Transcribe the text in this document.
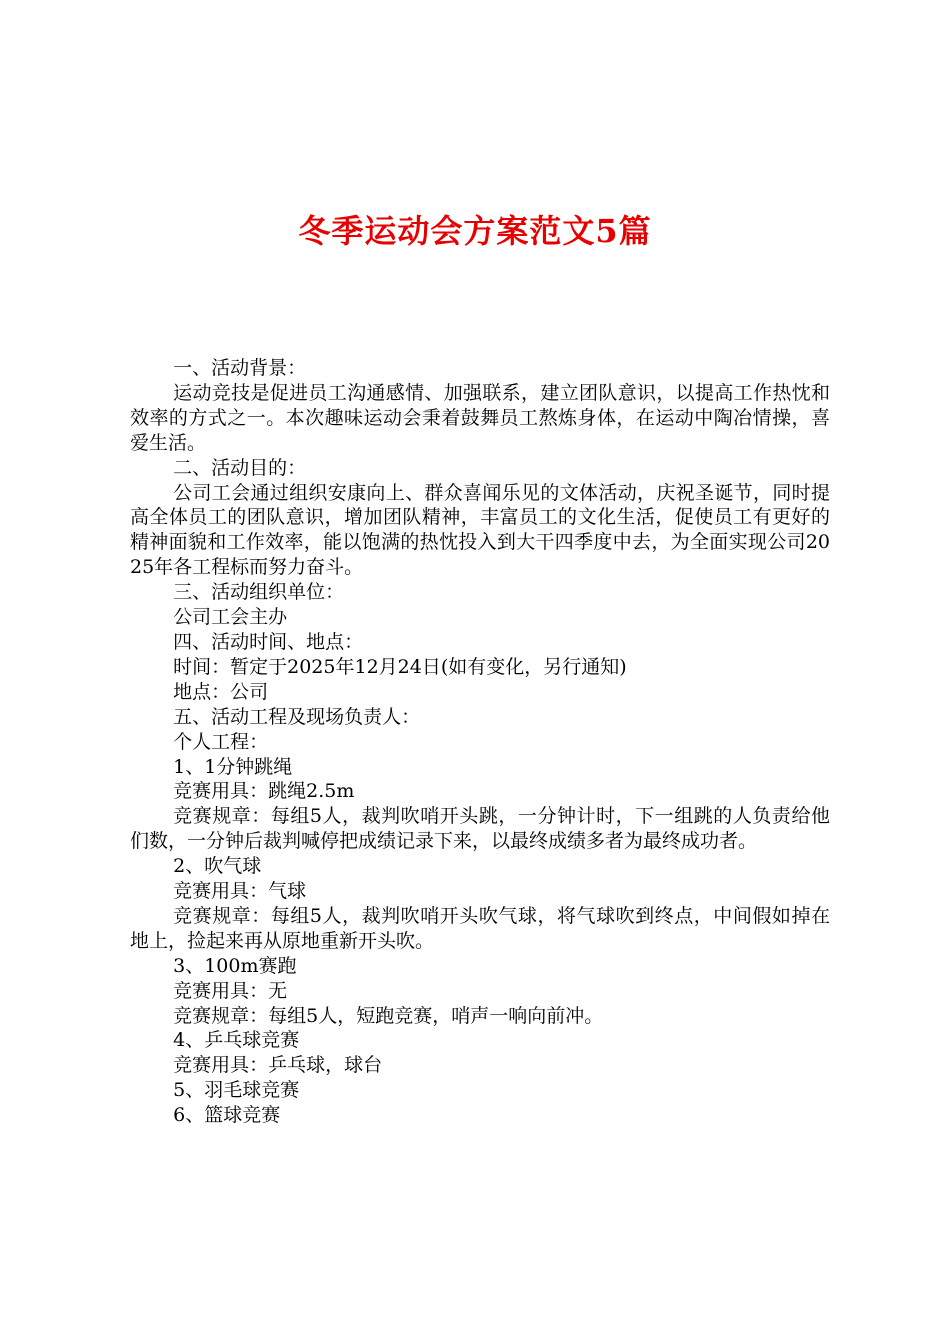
冬季运动会方案范文5篇

一、活动背景：

运动竞技是促进员工沟通感情、加强联系，建立团队意识，以提高工作热忱和效率的方式之一。本次趣味运动会秉着鼓舞员工熬炼身体，在运动中陶冶情操，喜爱生活。

二、活动目的：

公司工会通过组织安康向上、群众喜闻乐见的文体活动，庆祝圣诞节，同时提高全体员工的团队意识，增加团队精神，丰富员工的文化生活，促使员工有更好的精神面貌和工作效率，能以饱满的热忱投入到大干四季度中去，为全面实现公司2025年各工程标而努力奋斗。

三、活动组织单位：

公司工会主办

四、活动时间、地点：

时间：暂定于2025年12月24日(如有变化，另行通知)

地点：公司

五、活动工程及现场负责人：

个人工程：

1、1分钟跳绳

竞赛用具：跳绳2.5m

竞赛规章：每组5人，裁判吹哨开头跳，一分钟计时，下一组跳的人负责给他们数，一分钟后裁判喊停把成绩记录下来，以最终成绩多者为最终成功者。

2、吹气球

竞赛用具：气球

竞赛规章：每组5人，裁判吹哨开头吹气球，将气球吹到终点，中间假如掉在地上，捡起来再从原地重新开头吹。

3、100m赛跑

竞赛用具：无

竞赛规章：每组5人，短跑竞赛，哨声一响向前冲。

4、乒乓球竞赛

竞赛用具：乒乓球，球台

5、羽毛球竞赛

6、篮球竞赛
